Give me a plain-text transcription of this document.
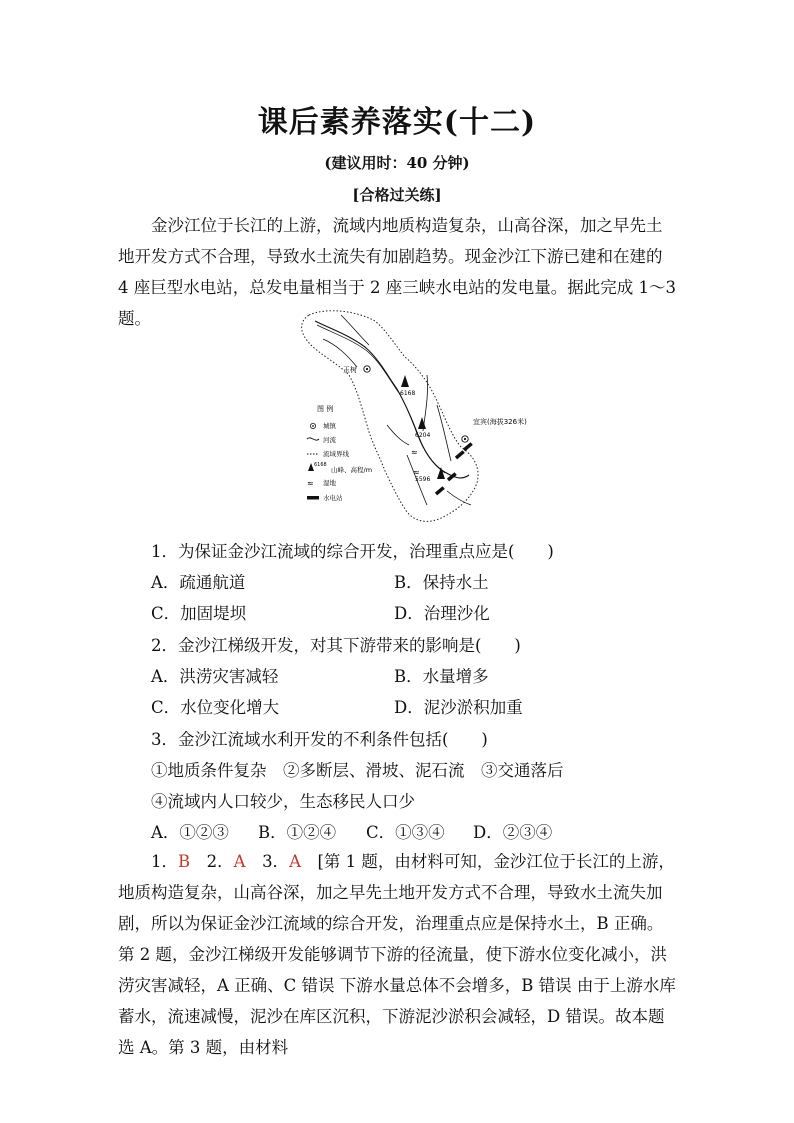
课后素养落实(十二)
(建议用时：40 分钟)
[合格过关练]
金沙江位于长江的上游，流域内地质构造复杂，山高谷深，加之早先土地开发方式不合理，导致水土流失有加剧趋势。现金沙江下游已建和在建的 4 座巨型水电站，总发电量相当于 2 座三峡水电站的发电量。据此完成 1～3 题。
玉树
宜宾(海拔326米)
6168
6204
5596
≈
≈
图 例
城镇
河流
流域界线
6168
山峰、高程/m
≈ 湿地
水电站
1．为保证金沙江流域的综合开发，治理重点应是(　　)
A．疏通航道	B．保持水土
C．加固堤坝	D．治理沙化
2．金沙江梯级开发，对其下游带来的影响是(　　)
A．洪涝灾害减轻	B．水量增多
C．水位变化增大	D．泥沙淤积加重
3．金沙江流域水利开发的不利条件包括(　　)
①地质条件复杂　②多断层、滑坡、泥石流　③交通落后
④流域内人口较少，生态移民人口少
A．①②③ B．①②④ C．①③④ D．②③④
1．B　2．A　3．A　[第 1 题，由材料可知，金沙江位于长江的上游，地质构造复杂，山高谷深，加之早先土地开发方式不合理，导致水土流失加剧，所以为保证金沙江流域的综合开发，治理重点应是保持水土，B 正确。第 2 题，金沙江梯级开发能够调节下游的径流量，使下游水位变化减小，洪涝灾害减轻，A 正确、C 错误 下游水量总体不会增多，B 错误 由于上游水库蓄水，流速减慢，泥沙在库区沉积，下游泥沙淤积会减轻，D 错误。故本题选 A。第 3 题，由材料
